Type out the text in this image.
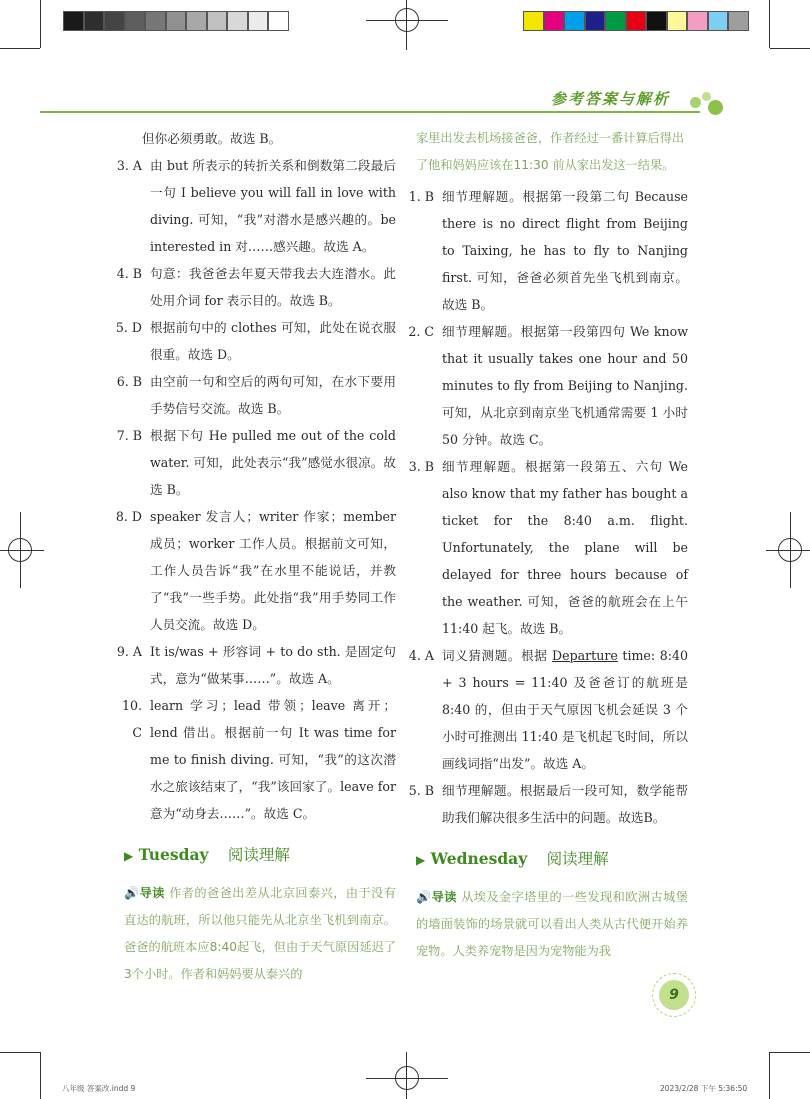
参考答案与解析

但你必须勇敢。故选 B。

3. A 由 but 所表示的转折关系和倒数第二段最后一句 I believe you will fall in love with diving. 可知，“我”对潜水是感兴趣的。be interested in 对……感兴趣。故选 A。
4. B 句意：我爸爸去年夏天带我去大连潜水。此处用介词 for 表示目的。故选 B。
5. D 根据前句中的 clothes 可知，此处在说衣服很重。故选 D。
6. B 由空前一句和空后的两句可知，在水下要用手势信号交流。故选 B。
7. B 根据下句 He pulled me out of the cold water. 可知，此处表示“我”感觉水很凉。故选 B。
8. D speaker 发言人；writer 作家；member 成员；worker 工作人员。根据前文可知，工作人员告诉“我”在水里不能说话，并教了“我”一些手势。此处指“我”用手势同工作人员交流。故选 D。
9. A It is/was + 形容词 + to do sth. 是固定句式，意为“做某事……”。故选 A。
10. C
learn 学习；lead 带领；leave 离开；lend 借出。根据前一句 It was time for me to finish diving. 可知，“我”的这次潜水之旅该结束了，“我”该回家了。leave for 意为“动身去……”。故选 C。
▶ Tuesday 阅读理解

🔊导读 作者的爸爸出差从北京回泰兴，由于没有直达的航班，所以他只能先从北京坐飞机到南京。爸爸的航班本应8:40起飞，但由于天气原因延迟了3个小时。作者和妈妈要从泰兴的

家里出发去机场接爸爸，作者经过一番计算后得出了他和妈妈应该在11:30 前从家出发这一结果。

1. B 细节理解题。根据第一段第二句 Because there is no direct flight from Beijing to Taixing, he has to fly to Nanjing first. 可知，爸爸必须首先坐飞机到南京。故选 B。
2. C 细节理解题。根据第一段第四句 We know that it usually takes one hour and 50 minutes to fly from Beijing to Nanjing. 可知，从北京到南京坐飞机通常需要 1 小时 50 分钟。故选 C。
3. B 细节理解题。根据第一段第五、六句 We also know that my father has bought a ticket for the 8:40 a.m. flight. Unfortunately, the plane will be delayed for three hours because of the weather. 可知，爸爸的航班会在上午 11:40 起飞。故选 B。
4. A 词义猜测题。根据 Departure time: 8:40 + 3 hours = 11:40 及爸爸订的航班是 8:40 的，但由于天气原因飞机会延误 3 个小时可推测出 11:40 是飞机起飞时间，所以画线词指“出发”。故选 A。
5. B 细节理解题。根据最后一段可知，数学能帮助我们解决很多生活中的问题。故选B。
▶ Wednesday 阅读理解

🔊导读 从埃及金字塔里的一些发现和欧洲古城堡的墙面装饰的场景就可以看出人类从古代便开始养宠物。人类养宠物是因为宠物能为我

9
八年级 答案改.indd 9	2023/2/28 下午 5:36:50
